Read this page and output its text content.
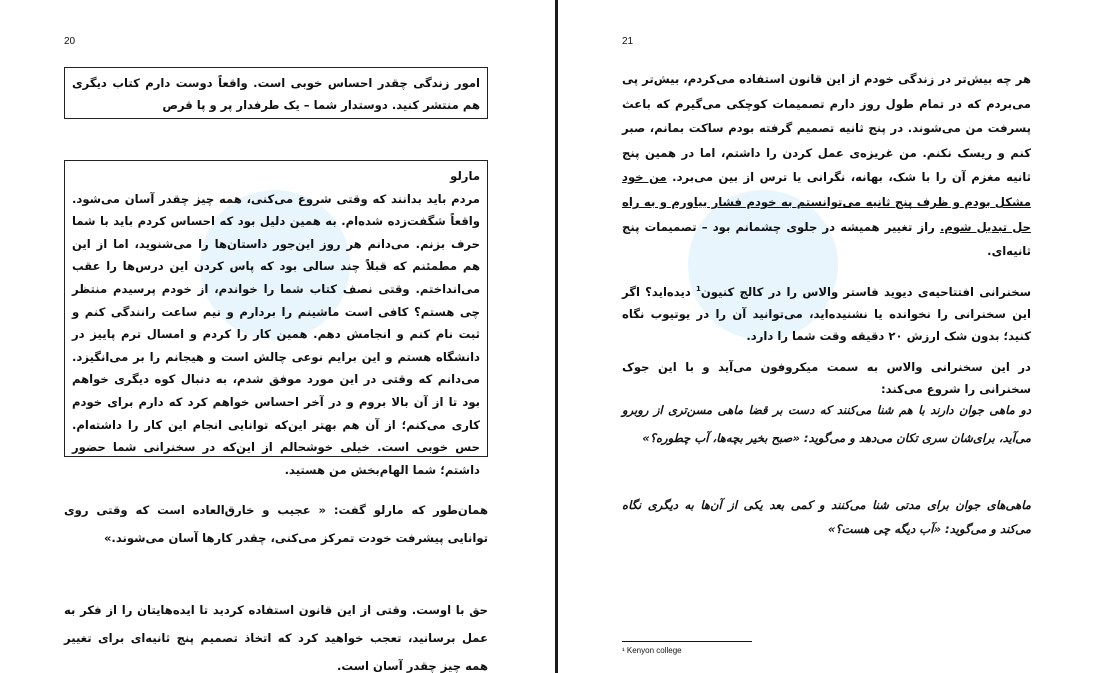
20

امور زندگی چقدر احساس خوبی است. واقعاً دوست دارم کتاب دیگری هم منتشر کنید. دوستدار شما – یک طرفدار پر و پا قرص

مارلو

مردم باید بدانند که وقتی شروع می‌کنی، همه چیز چقدر آسان می‌شود. واقعاً شگفت‌زده شده‌ام. به همین دلیل بود که احساس کردم باید با شما حرف بزنم. می‌دانم هر روز این‌جور داستان‌ها را می‌شنوید، اما از این هم مطمئنم که قبلاً چند سالی بود که پاس کردن این درس‌ها را عقب می‌انداختم. وقتی نصف کتاب شما را خواندم، از خودم پرسیدم منتظر چی هستم؟ کافی است ماشینم را بردارم و نیم ساعت رانندگی کنم و ثبت نام کنم و انجامش دهم. همین کار را کردم و امسال ترم پاییز در دانشگاه هستم و این برایم نوعی چالش است و هیجانم را بر می‌انگیزد. می‌دانم که وقتی در این مورد موفق شدم، به دنبال کوه دیگری خواهم بود تا از آن بالا بروم و در آخر احساس خواهم کرد که دارم برای خودم کاری می‌کنم؛ از آن هم بهتر این‌که توانایی انجام این کار را داشته‌ام. حس خوبی است. خیلی خوشحالم از این‌که در سخنرانی شما حضور داشتم؛ شما الهام‌بخش من هستید.

همان‌طور که مارلو گفت: « عجیب و خارق‌العاده است که وقتی روی توانایی پیشرفت خودت تمرکز می‌کنی، چقدر کارها آسان می‌شوند.»

حق با اوست. وقتی از این قانون استفاده کردید تا ایده‌هایتان را از فکر به عمل برسانید، تعجب خواهید کرد که اتخاذ تصمیم پنج ثانیه‌ای برای تغییر همه چیز چقدر آسان است.

21

هر چه بیش‌تر در زندگی خودم از این قانون استفاده می‌کردم، بیش‌تر پی می‌بردم که در تمام طول روز دارم تصمیمات کوچکی می‌گیرم که باعث پسرفت من می‌شوند. در پنج ثانیه تصمیم گرفته بودم ساکت بمانم، صبر کنم و ریسک نکنم. من غریزه‌ی عمل کردن را داشتم، اما در همین پنج ثانیه مغزم آن را با شک، بهانه، نگرانی یا ترس از بین می‌برد. من خود مشکل بودم و ظرف پنج ثانیه می‌توانستم به خودم فشار بیاورم و به راه حل تبدیل شوم. راز تغییر همیشه در جلوی چشمانم بود – تصمیمات پنج ثانیه‌ای.

سخنرانی افتتاحیه‌ی دیوید فاستر والاس را در کالج کنیون$^1$ دیده‌اید؟ اگر این سخنرانی را نخوانده یا نشنیده‌اید، می‌توانید آن را در یوتیوب نگاه کنید؛ بدون شک ارزش ۲۰ دقیقه وقت شما را دارد.

در این سخنرانی والاس به سمت میکروفون می‌آید و با این جوک سخنرانی را شروع می‌کند:

دو ماهی جوان دارند با هم شنا می‌کنند که دست بر قضا ماهی مسن‌تری از روبرو می‌آید، برای‌شان سری تکان می‌دهد و می‌گوید: «صبح بخیر بچه‌ها، آب چطوره؟»

ماهی‌های جوان برای مدتی شنا می‌کنند و کمی بعد یکی از آن‌ها به دیگری نگاه می‌کند و می‌گوید: «آب دیگه چی هست؟»

¹ Kenyon college
